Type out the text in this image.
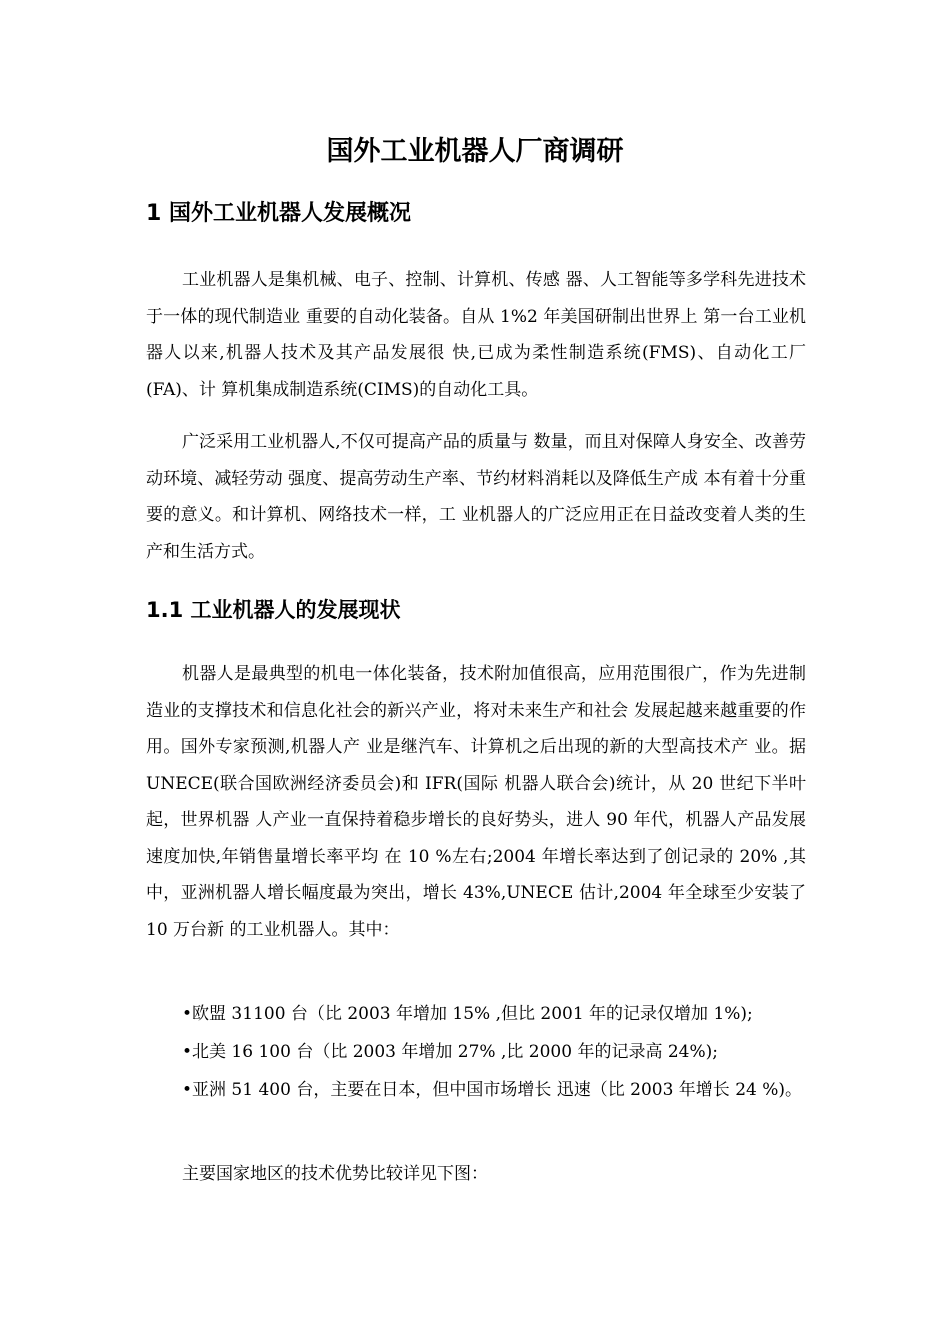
国外工业机器人厂商调研
1 国外工业机器人发展概况

工业机器人是集机械、电子、控制、计算机、传感 器、人工智能等多学科先进技术于一体的现代制造业 重要的自动化装备。自从 1%2 年美国研制出世界上 第一台工业机器人以来,机器人技术及其产品发展很 快,已成为柔性制造系统(FMS)、自动化工厂(FA)、计 算机集成制造系统(CIMS)的自动化工具。

广泛采用工业机器人,不仅可提高产品的质量与 数量，而且对保障人身安全、改善劳动环境、减轻劳动 强度、提高劳动生产率、节约材料消耗以及降低生产成 本有着十分重要的意义。和计算机、网络技术一样，工 业机器人的广泛应用正在日益改变着人类的生产和生活方式。

1.1 工业机器人的发展现状

机器人是最典型的机电一体化装备，技术附加值很高，应用范围很广，作为先进制造业的支撑技术和信息化社会的新兴产业，将对未来生产和社会 发展起越来越重要的作用。国外专家预测,机器人产 业是继汽车、计算机之后出现的新的大型高技术产 业。据 UNECE(联合国欧洲经济委员会)和 IFR(国际 机器人联合会)统计，从 20 世纪下半叶起，世界机器 人产业一直保持着稳步增长的良好势头，进人 90 年代，机器人产品发展速度加快,年销售量增长率平均 在 10 %左右;2004 年增长率达到了创记录的 20% ,其 中，亚洲机器人增长幅度最为突出，增长 43%,UNECE 估计,2004 年全球至少安装了 10 万台新 的工业机器人。其中：

•欧盟 31100 台（比 2003 年增加 15% ,但比 2001 年的记录仅增加 1%);

•北美 16 100 台（比 2003 年增加 27% ,比 2000 年的记录高 24%);

•亚洲 51 400 台，主要在日本，但中国市场增长 迅速（比 2003 年增长 24 %)。

主要国家地区的技术优势比较详见下图：
